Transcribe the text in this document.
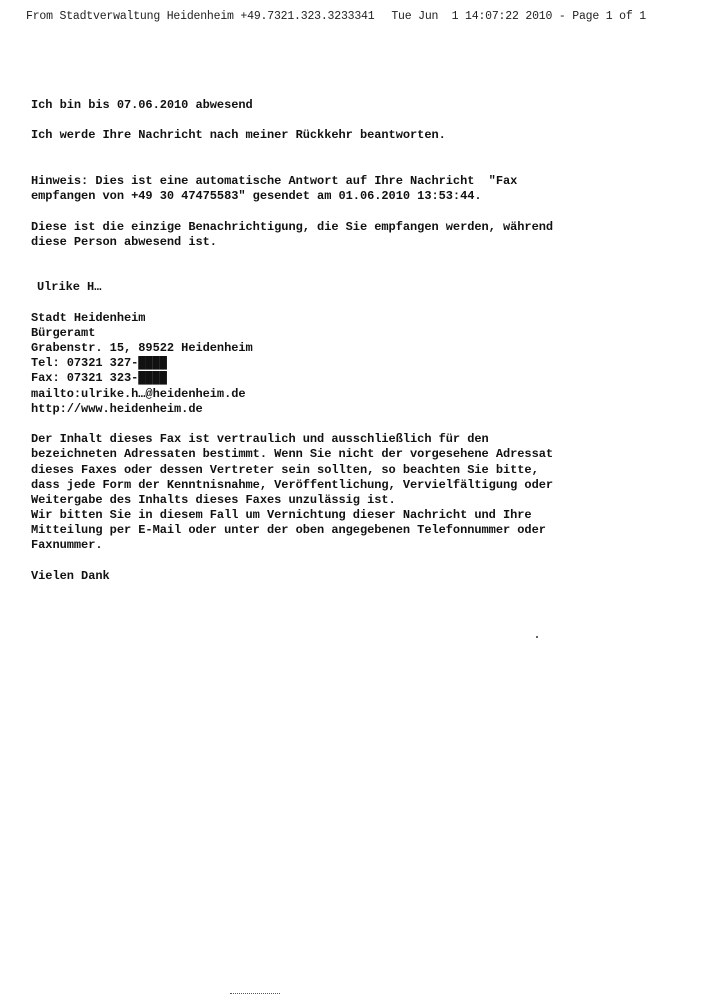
From Stadtverwaltung Heidenheim +49.7321.323.3233341 Tue Jun  1 14:07:22 2010 - Page 1 of 1
Ich bin bis 07.06.2010 abwesend
Ich werde Ihre Nachricht nach meiner Rückkehr beantworten.
Hinweis: Dies ist eine automatische Antwort auf Ihre Nachricht  "Fax
empfangen von +49 30 47475583" gesendet am 01.06.2010 13:53:44.
Diese ist die einzige Benachrichtigung, die Sie empfangen werden, während
diese Person abwesend ist.
Ulrike H…
Stadt Heidenheim
Bürgeramt
Grabenstr. 15, 89522 Heidenheim
Tel: 07321 327-████
Fax: 07321 323-████
mailto:ulrike.h…@heidenheim.de
http://www.heidenheim.de
Der Inhalt dieses Fax ist vertraulich und ausschließlich für den
bezeichneten Adressaten bestimmt. Wenn Sie nicht der vorgesehene Adressat
dieses Faxes oder dessen Vertreter sein sollten, so beachten Sie bitte,
dass jede Form der Kenntnisnahme, Veröffentlichung, Vervielfältigung oder
Weitergabe des Inhalts dieses Faxes unzulässig ist.
Wir bitten Sie in diesem Fall um Vernichtung dieser Nachricht und Ihre
Mitteilung per E-Mail oder unter der oben angegebenen Telefonnummer oder
Faxnummer.
Vielen Dank
